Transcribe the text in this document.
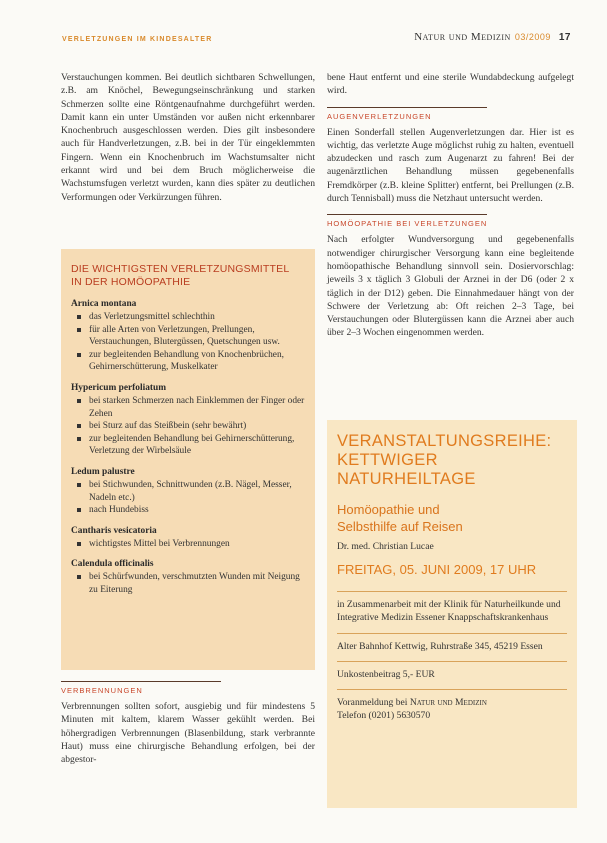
VERLETZUNGEN IM KINDESALTER	Natur und Medizin 03/2009 17

Verstauchungen kommen. Bei deutlich sichtbaren Schwellungen, z.B. am Knöchel, Bewegungseinschränkung und starken Schmerzen sollte eine Röntgenaufnahme durchgeführt werden. Damit kann ein unter Umständen vor außen nicht erkennbarer Knochenbruch ausgeschlossen werden. Dies gilt insbesondere auch für Handverletzungen, z.B. bei in der Tür eingeklemmten Fingern. Wenn ein Knochenbruch im Wachstumsalter nicht erkannt wird und bei dem Bruch möglicherweise die Wachstumsfugen verletzt wurden, kann dies später zu deutlichen Verformungen oder Verkürzungen führen.

DIE WICHTIGSTEN VERLETZUNGSMITTEL
IN DER HOMÖOPATHIE
Arnica montana
das Verletzungsmittel schlechthin
für alle Arten von Verletzungen, Prellungen, Verstauchungen, Blutergüssen, Quetschungen usw.
zur begleitenden Behandlung von Knochenbrüchen, Gehirnerschütterung, Muskelkater
Hypericum perfoliatum
bei starken Schmerzen nach Einklemmen der Finger oder Zehen
bei Sturz auf das Steißbein (sehr bewährt)
zur begleitenden Behandlung bei Gehirnerschütterung, Verletzung der Wirbelsäule
Ledum palustre
bei Stichwunden, Schnittwunden (z.B. Nägel, Messer, Nadeln etc.)
nach Hundebiss
Cantharis vesicatoria
wichtigstes Mittel bei Verbrennungen
Calendula officinalis
bei Schürfwunden, verschmutzten Wunden mit Neigung zu Eiterung
VERBRENNUNGEN

Verbrennungen sollten sofort, ausgiebig und für mindestens 5 Minuten mit kaltem, klarem Wasser gekühlt werden. Bei höhergradigen Verbrennungen (Blasenbildung, stark verbrannte Haut) muss eine chirurgische Behandlung erfolgen, bei der abgestor-

bene Haut entfernt und eine sterile Wundabdeckung aufgelegt wird.

AUGENVERLETZUNGEN

Einen Sonderfall stellen Augenverletzungen dar. Hier ist es wichtig, das verletzte Auge möglichst ruhig zu halten, eventuell abzudecken und rasch zum Augenarzt zu fahren! Bei der augenärztlichen Behandlung müssen gegebenenfalls Fremdkörper (z.B. kleine Splitter) entfernt, bei Prellungen (z.B. durch Tennisball) muss die Netzhaut untersucht werden.

HOMÖOPATHIE BEI VERLETZUNGEN

Nach erfolgter Wundversorgung und gegebenenfalls notwendiger chirurgischer Versorgung kann eine begleitende homöopathische Behandlung sinnvoll sein. Dosiervorschlag: jeweils 3 x täglich 3 Globuli der Arznei in der D6 (oder 2 x täglich in der D12) geben. Die Einnahmedauer hängt von der Schwere der Verletzung ab: Oft reichen 2–3 Tage, bei Verstauchungen oder Blutergüssen kann die Arznei aber auch über 2–3 Wochen eingenommen werden.

VERANSTALTUNGSREIHE:
KETTWIGER NATURHEILTAGE
Homöopathie und
Selbsthilfe auf Reisen
Dr. med. Christian Lucae
FREITAG, 05. JUNI 2009, 17 UHR

in Zusammenarbeit mit der Klinik für Naturheilkunde und Integrative Medizin Essener Knappschaftskrankenhaus

Alter Bahnhof Kettwig, Ruhrstraße 345, 45219 Essen

Unkostenbeitrag 5,- EUR

Voranmeldung bei Natur und Medizin
Telefon (0201) 5630570
